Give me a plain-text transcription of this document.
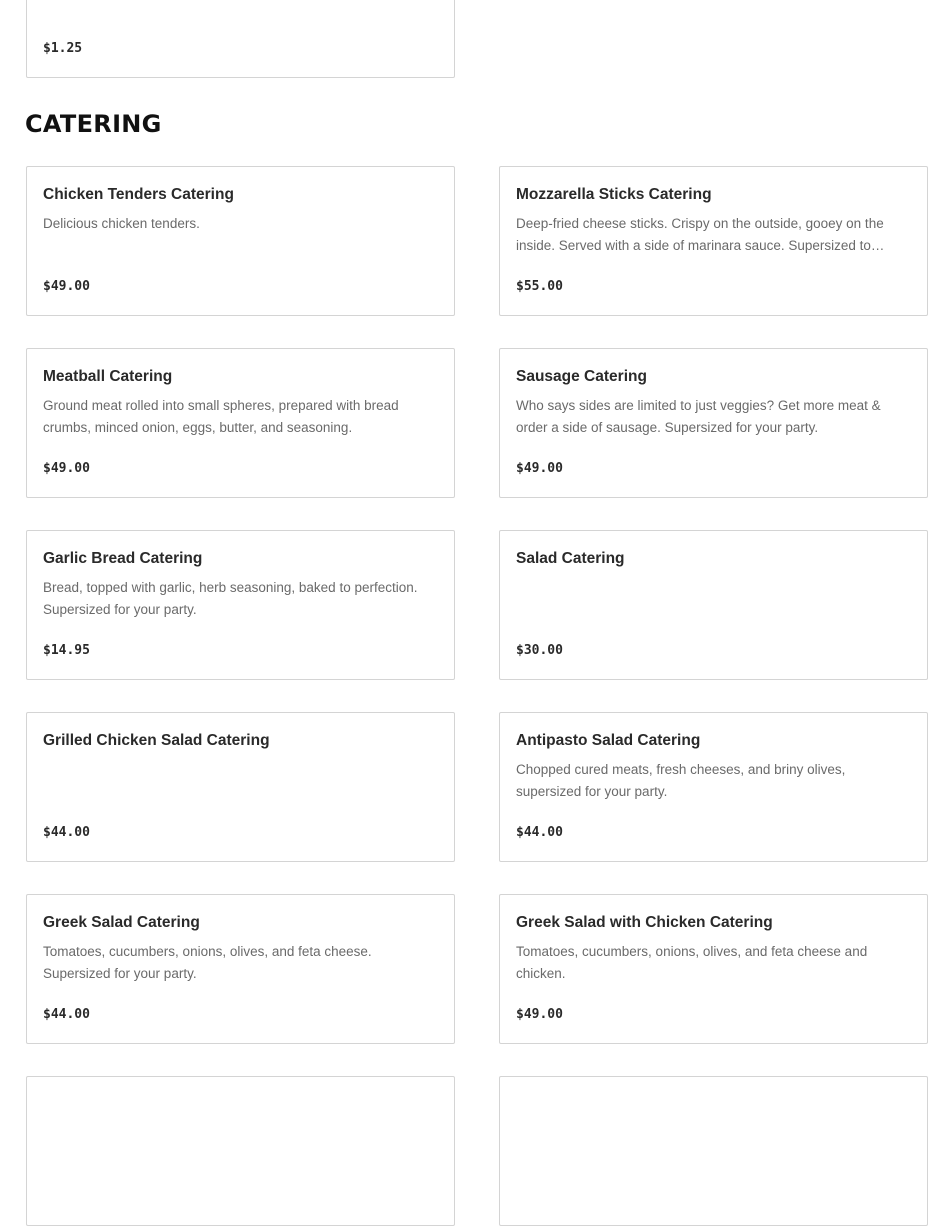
$1.25
CATERING
Chicken Tenders Catering
Delicious chicken tenders.
$49.00
Mozzarella Sticks Catering
Deep-fried cheese sticks. Crispy on the outside, gooey on the inside. Served with a side of marinara sauce. Supersized to…
$55.00
Meatball Catering
Ground meat rolled into small spheres, prepared with bread crumbs, minced onion, eggs, butter, and seasoning.
$49.00
Sausage Catering
Who says sides are limited to just veggies? Get more meat & order a side of sausage. Supersized for your party.
$49.00
Garlic Bread Catering
Bread, topped with garlic, herb seasoning, baked to perfection. Supersized for your party.
$14.95
Salad Catering
$30.00
Grilled Chicken Salad Catering
$44.00
Antipasto Salad Catering
Chopped cured meats, fresh cheeses, and briny olives, supersized for your party.
$44.00
Greek Salad Catering
Tomatoes, cucumbers, onions, olives, and feta cheese. Supersized for your party.
$44.00
Greek Salad with Chicken Catering
Tomatoes, cucumbers, onions, olives, and feta cheese and chicken.
$49.00
